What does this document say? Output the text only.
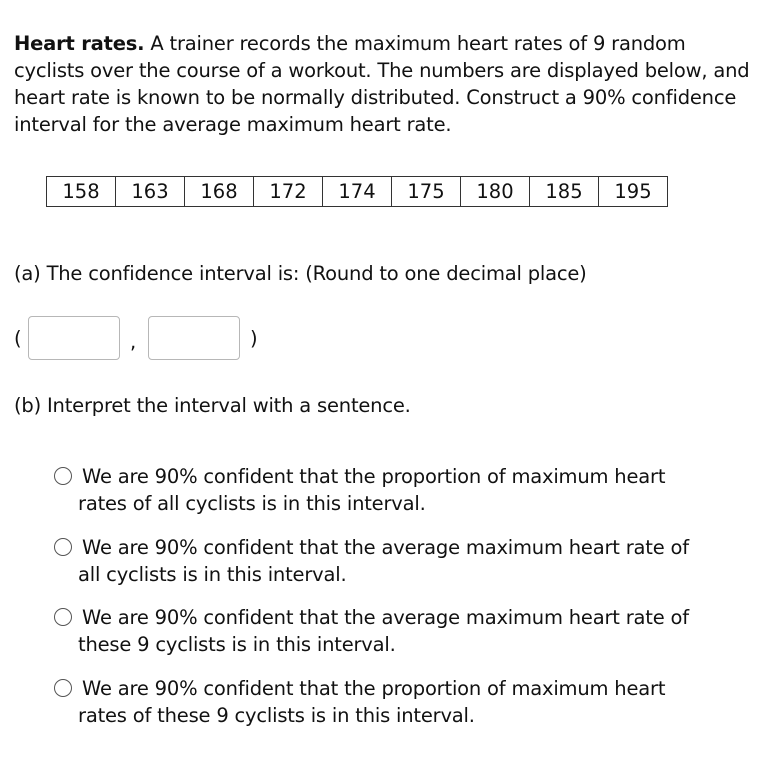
Heart rates. A trainer records the maximum heart rates of 9 random cyclists over the course of a workout. The numbers are displayed below, and heart rate is known to be normally distributed. Construct a 90% confidence interval for the average maximum heart rate.
158	163	168	172	174	175	180	185	195
(a) The confidence interval is: (Round to one decimal place)
(	,	)
(b) Interpret the interval with a sentence.
We are 90% confident that the proportion of maximum heart
rates of all cyclists is in this interval.
We are 90% confident that the average maximum heart rate of
all cyclists is in this interval.
We are 90% confident that the average maximum heart rate of
these 9 cyclists is in this interval.
We are 90% confident that the proportion of maximum heart
rates of these 9 cyclists is in this interval.
